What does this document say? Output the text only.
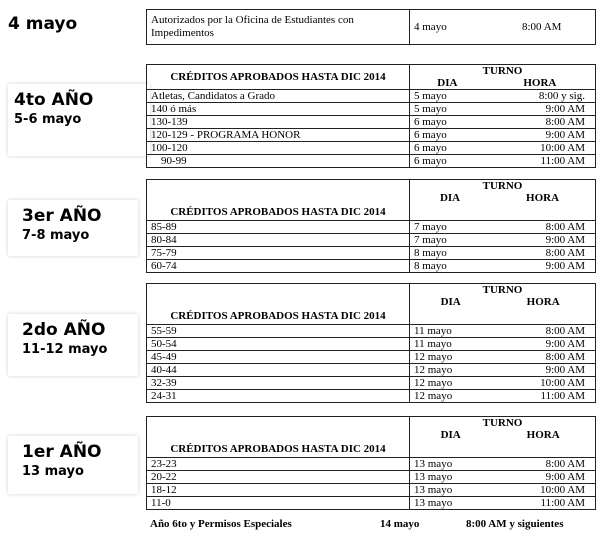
4 mayo	Autorizados por la Oficina de Estudiantes con Impedimentos	4 mayo	8:00 AM
4to AÑO
5-6 mayo
CRÉDITOS APROBADOS HASTA DIC 2014	TURNO	
	DIA	HORA
Atletas, Candidatos a Grado	5 mayo	8:00 y sig.
140 ó más	5 mayo	9:00 AM
130-139	6 mayo	8:00 AM
120-129 - PROGRAMA HONOR	6 mayo	9:00 AM
100-120	6 mayo	10:00 AM
90-99	6 mayo	11:00 AM
3er AÑO
7-8 mayo
CRÉDITOS APROBADOS HASTA DIC 2014	TURNO	
	DIA	HORA
85-89	7 mayo	8:00 AM
80-84	7 mayo	9:00 AM
75-79	8 mayo	8:00 AM
60-74	8 mayo	9:00 AM
2do AÑO
11-12 mayo
CRÉDITOS APROBADOS HASTA DIC 2014	TURNO	
	DIA	HORA
55-59	11 mayo	8:00 AM
50-54	11 mayo	9:00 AM
45-49	12 mayo	8:00 AM
40-44	12 mayo	9:00 AM
32-39	12 mayo	10:00 AM
24-31	12 mayo	11:00 AM
1er AÑO
13 mayo
CRÉDITOS APROBADOS HASTA DIC 2014	TURNO	
	DIA	HORA
23-23	13 mayo	8:00 AM
20-22	13 mayo	9:00 AM
18-12	13 mayo	10:00 AM
11-0	13 mayo	11:00 AM
Año 6to y Permisos Especiales	14 mayo	8:00 AM y siguientes
